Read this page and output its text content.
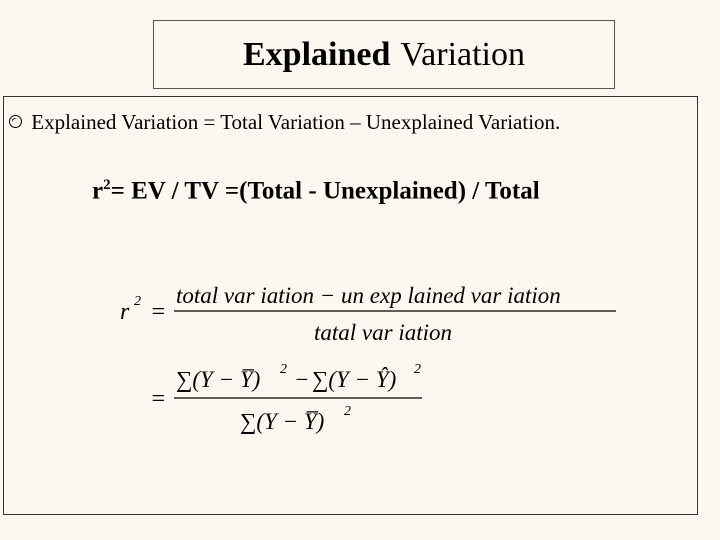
Explained Variation
Explained Variation = Total Variation – Unexplained Variation.
$r^2=$ EV / TV =(Total - Unexplained) / Total
r 2 =
total var iation − un exp lained var iation
tatal var iation
=
∑(Y − Y̅) 2 − ∑(Y − Ŷ) 2
∑(Y − Y̅) 2
